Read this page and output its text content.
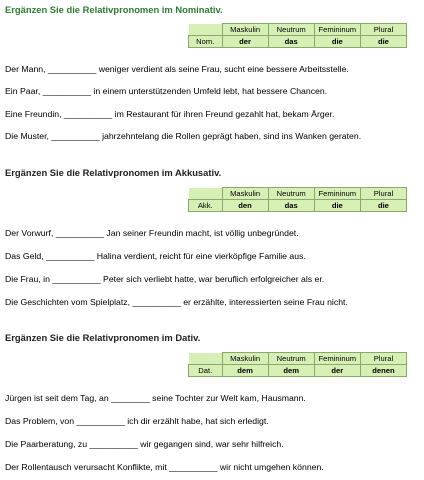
Ergänzen Sie die Relativpronomen im Nominativ.

	Maskulin	Neutrum	Femininum	Plural
Nom.	der	das	die	die

Der Mann, __________ weniger verdient als seine Frau, sucht eine bessere Arbeitsstelle.

Ein Paar, __________ in einem unterstützenden Umfeld lebt, hat bessere Chancen.

Eine Freundin, __________ im Restaurant für ihren Freund gezahlt hat, bekam Ärger.

Die Muster, __________ jahrzehntelang die Rollen geprägt haben, sind ins Wanken geraten.

Ergänzen Sie die Relativpronomen im Akkusativ.

	Maskulin	Neutrum	Femininum	Plural
Akk.	den	das	die	die

Der Vorwurf, __________ Jan seiner Freundin macht, ist völlig unbegründet.

Das Geld, __________ Halina verdient, reicht für eine vierköpfige Familie aus.

Die Frau, in __________ Peter sich verliebt hatte, war beruflich erfolgreicher als er.

Die Geschichten vom Spielplatz, __________ er erzählte, interessierten seine Frau nicht.

Ergänzen Sie die Relativpronomen im Dativ.

	Maskulin	Neutrum	Femininum	Plural
Dat.	dem	dem	der	denen

Jürgen ist seit dem Tag, an ________ seine Tochter zur Welt kam, Hausmann.

Das Problem, von __________ ich dir erzählt habe, hat sich erledigt.

Die Paarberatung, zu __________ wir gegangen sind, war sehr hilfreich.

Der Rollentausch verursacht Konflikte, mit __________ wir nicht umgehen können.
